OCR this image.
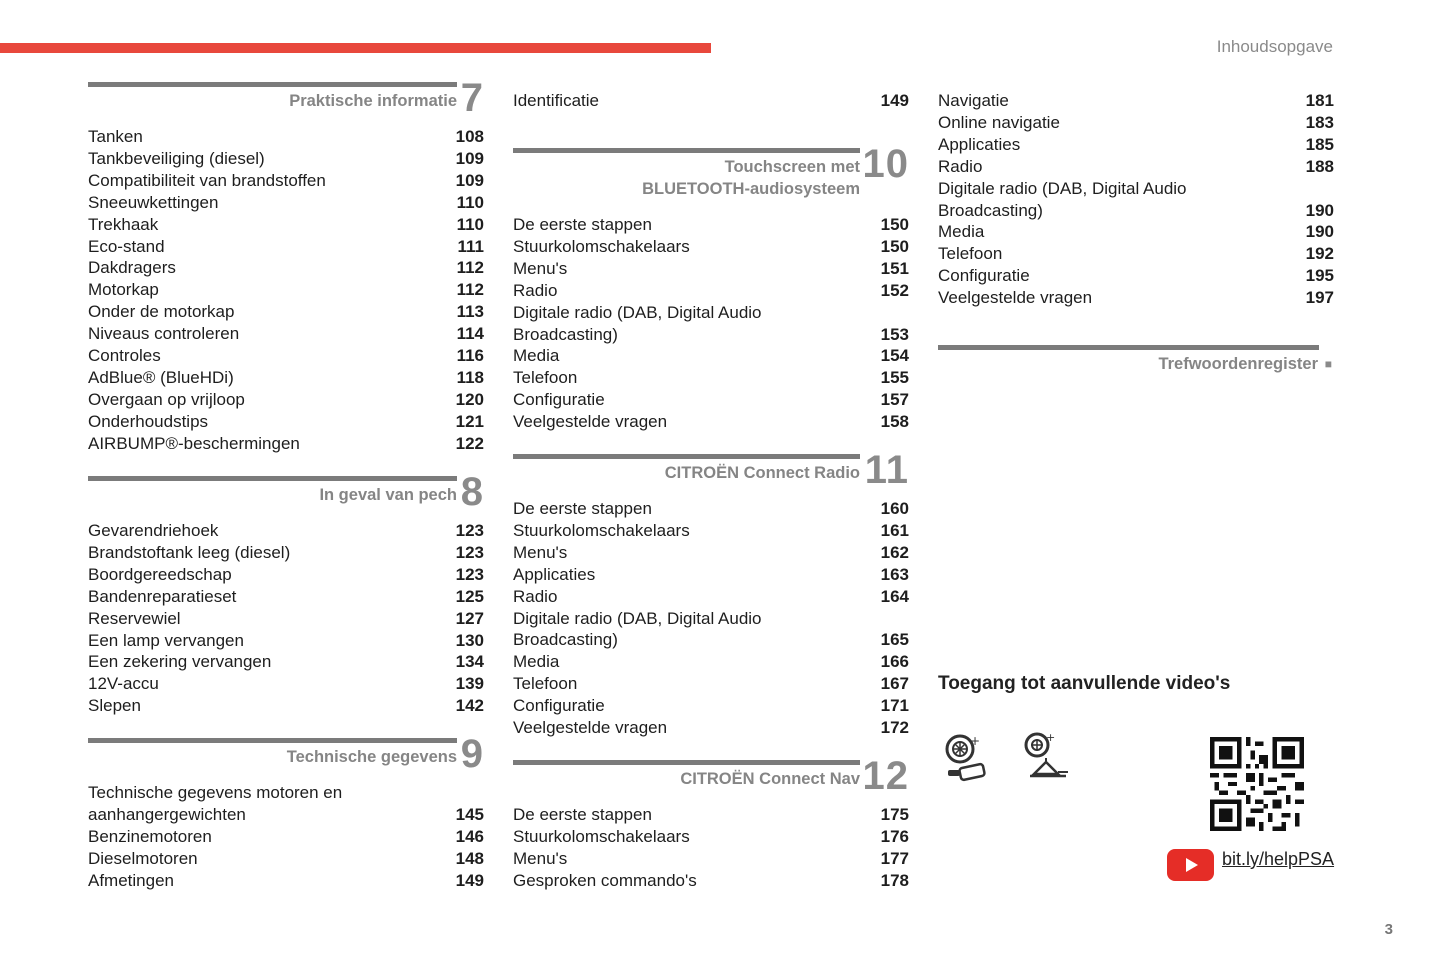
Inhoudsopgave
Praktische informatie 7
Tanken	108
Tankbeveiliging (diesel)	109
Compatibiliteit van brandstoffen	109
Sneeuwkettingen	110
Trekhaak	110
Eco-stand	111
Dakdragers	112
Motorkap	112
Onder de motorkap	113
Niveaus controleren	114
Controles	116
AdBlue® (BlueHDi)	118
Overgaan op vrijloop	120
Onderhoudstips	121
AIRBUMP®-beschermingen	122
In geval van pech 8
Gevarendriehoek	123
Brandstoftank leeg (diesel)	123
Boordgereedschap	123
Bandenreparatieset	125
Reservewiel	127
Een lamp vervangen	130
Een zekering vervangen	134
12V-accu	139
Slepen	142
Technische gegevens 9
Technische gegevens motoren en
aanhangergewichten	145
Benzinemotoren	146
Dieselmotoren	148
Afmetingen	149
Identificatie	149
Touchscreen met
BLUETOOTH-audiosysteem
10
De eerste stappen	150
Stuurkolomschakelaars	150
Menu's	151
Radio	152
Digitale radio (DAB, Digital Audio
Broadcasting)	153
Media	154
Telefoon	155
Configuratie	157
Veelgestelde vragen	158
CITROËN Connect Radio 11
De eerste stappen	160
Stuurkolomschakelaars	161
Menu's	162
Applicaties	163
Radio	164
Digitale radio (DAB, Digital Audio
Broadcasting)	165
Media	166
Telefoon	167
Configuratie	171
Veelgestelde vragen	172
CITROËN Connect Nav 12
De eerste stappen	175
Stuurkolomschakelaars	176
Menu's	177
Gesproken commando's	178
Navigatie	181
Online navigatie	183
Applicaties	185
Radio	188
Digitale radio (DAB, Digital Audio
Broadcasting)	190
Media	190
Telefoon	192
Configuratie	195
Veelgestelde vragen	197
Trefwoordenregister ■
Toegang tot aanvullende video's
+	+
bit.ly/helpPSA
3
